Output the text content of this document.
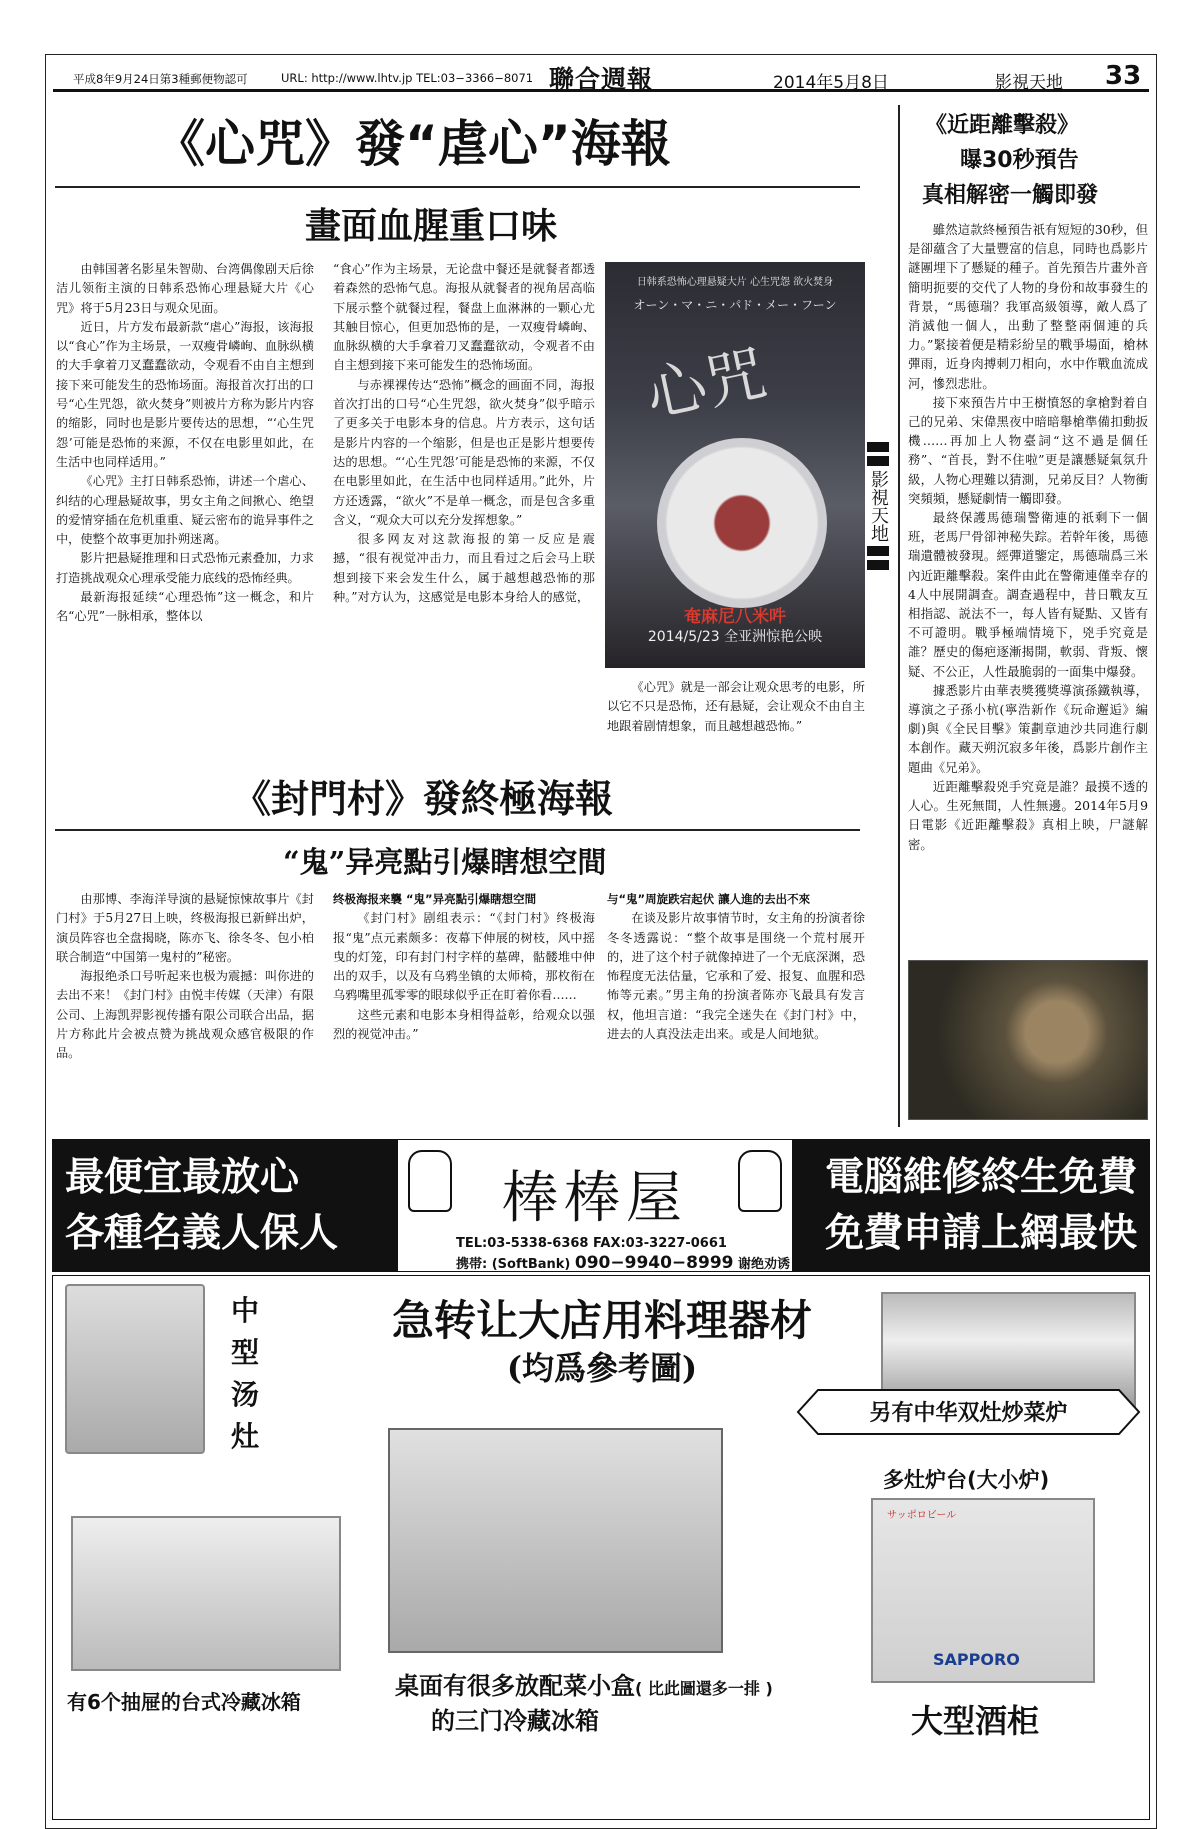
平成8年9月24日第3種郵便物認可	URL: http://www.lhtv.jp TEL:03−3366−8071 聯合週報	2014年5月8日	影視天地 33
《心咒》發“虐心”海報
畫面血腥重口味

由韩国著名影星朱智勋、台湾偶像剧天后徐洁儿领衔主演的日韩系恐怖心理悬疑大片《心咒》将于5月23日与观众见面。

近日，片方发布最新款“虐心”海报，该海报以“食心”作为主场景，一双瘦骨嶙峋、血脉纵横的大手拿着刀叉蠢蠢欲动，令观看不由自主想到接下来可能发生的恐怖场面。海报首次打出的口号“心生咒怨，欲火焚身”则被片方称为影片内容的缩影，同时也是影片要传达的思想，“‘心生咒怨’可能是恐怖的来源，不仅在电影里如此，在生活中也同样适用。”

《心咒》主打日韩系恐怖，讲述一个虐心、纠结的心理悬疑故事，男女主角之间揪心、绝望的爱情穿插在危机重重、疑云密布的诡异事件之中，使整个故事更加扑朔迷离。

影片把悬疑推理和日式恐怖元素叠加，力求打造挑战观众心理承受能力底线的恐怖经典。

最新海报延续“心理恐怖”这一概念，和片名“心咒”一脉相承，整体以

“食心”作为主场景，无论盘中餐还是就餐者都透着森然的恐怖气息。海报从就餐者的视角居高临下展示整个就餐过程，餐盘上血淋淋的一颗心尤其触目惊心，但更加恐怖的是，一双瘦骨嶙峋、血脉纵横的大手拿着刀叉蠢蠢欲动，令观者不由自主想到接下来可能发生的恐怖场面。

与赤裸裸传达“恐怖”概念的画面不同，海报首次打出的口号“心生咒怨，欲火焚身”似乎暗示了更多关于电影本身的信息。片方表示，这句话是影片内容的一个缩影，但是也正是影片想要传达的思想。“‘心生咒怨’可能是恐怖的来源，不仅在电影里如此，在生活中也同样适用。”此外，片方还透露，“欲火”不是单一概念，而是包含多重含义，“观众大可以充分发挥想象。”

很多网友对这款海报的第一反应是震撼，“很有视觉冲击力，而且看过之后会马上联想到接下来会发生什么，属于越想越恐怖的那种。”对方认为，这感觉是电影本身给人的感觉，

《心咒》就是一部会让观众思考的电影，所以它不只是恐怖，还有悬疑，会让观众不由自主地跟着剧情想象，而且越想越恐怖。”

日韩系恐怖心理悬疑大片 心生咒怨 欲火焚身
オーン・マ・ニ・パド・メー・フーン
心咒
奄麻尼八米吽
2014/5/23 全亚洲惊艳公映
《封門村》發終極海報
“鬼”异亮點引爆瞎想空間

由那博、李海洋导演的悬疑惊悚故事片《封门村》于5月27日上映，终极海报已新鲜出炉，演员阵容也全盘揭晓，陈亦飞、徐冬冬、包小柏联合制造“中国第一鬼村的”秘密。

海报绝杀口号听起来也极为震撼：叫你进的去出不来！《封门村》由悦丰传媒（天津）有限公司、上海凯羿影视传播有限公司联合出品，据片方称此片会被点赞为挑战观众感官极限的作品。

终极海报来襲 “鬼”异亮點引爆瞎想空間

《封门村》剧组表示：“《封门村》终极海报“鬼”点元素颇多：夜幕下伸展的树枝，风中摇曳的灯笼，印有封门村字样的墓碑，骷髅堆中伸出的双手，以及有乌鸦坐镇的太师椅，那枚衔在乌鸦嘴里孤零零的眼球似乎正在盯着你看……

这些元素和电影本身相得益彰，给观众以强烈的视觉冲击。”

与“鬼”周旋跌宕起伏 讓人進的去出不來

在谈及影片故事情节时，女主角的扮演者徐冬冬透露说：“整个故事是围绕一个荒村展开的，进了这个村子就像掉进了一个无底深渊，恐怖程度无法估量，它承和了爱、报复、血腥和恐怖等元素。”男主角的扮演者陈亦飞最具有发言权，他坦言道：“我完全迷失在《封门村》中，进去的人真没法走出来。或是人间地狱。

《近距離擊殺》
曝30秒預告
真相解密一觸即發

雖然這款終極預告祇有短短的30秒，但是卻蘊含了大量豐富的信息，同時也爲影片謎團埋下了懸疑的種子。首先預告片畫外音簡明扼要的交代了人物的身份和故事發生的背景，“馬德瑞？我軍高級領導，敵人爲了消滅他一個人，出動了整整兩個連的兵力。”緊接着便是精彩紛呈的戰爭場面，槍林彈雨，近身肉搏刺刀相向，水中作戰血流成河，慘烈悲壯。

接下來預告片中王樹憤怒的拿槍對着自己的兄弟、宋偉黑夜中暗暗舉槍準備扣動扳機……再加上人物臺詞“这不過是個任務”、“首長，對不住啦”更是讓懸疑氣氛升級，人物心理難以猜測，兄弟反目？人物衝突頻頻，懸疑劇情一觸即發。

最終保護馬德瑞警衛連的祇剩下一個班，老馬尸骨卻神秘失踪。若幹年後，馬德瑞遺體被發現。經彈道鑒定，馬德瑞爲三米內近距離擊殺。案件由此在警衛連僅幸存的4人中展開調查。調查過程中，昔日戰友互相指認、説法不一，每人皆有疑點、又皆有不可證明。戰爭極端情境下，兇手究竟是誰？歷史的傷疤逐漸揭開，軟弱、背叛、懷疑、不公正，人性最脆弱的一面集中爆發。

據悉影片由華表獎獲獎導演孫鐵執導，導演之子孫小杭(寧浩新作《玩命邂逅》編劇)與《全民目擊》策劃章迪沙共同進行劇本創作。藏天朔沉寂多年後，爲影片創作主題曲《兄弟》。

近距離擊殺兇手究竟是誰？最摸不透的人心。生死無間，人性無邊。2014年5月9日電影《近距離擊殺》真相上映，尸謎解密。

影視天地
最便宜最放心
各種名義人保人
棒棒屋
TEL:03-5338-6368 FAX:03-3227-0661
携帯: (SoftBank) 090−9940−8999 谢绝劝诱
電腦維修終生免費
免費申請上網最快
急转让大店用料理器材
(均爲參考圖)
中型汤灶
另有中华双灶炒菜炉
多灶炉台(大小炉)
有6个抽屉的台式冷藏冰箱
桌面有很多放配菜小盒( 比此圖還多一排 )
的三门冷藏冰箱
サッポロビール
SAPPORO
大型酒柜
